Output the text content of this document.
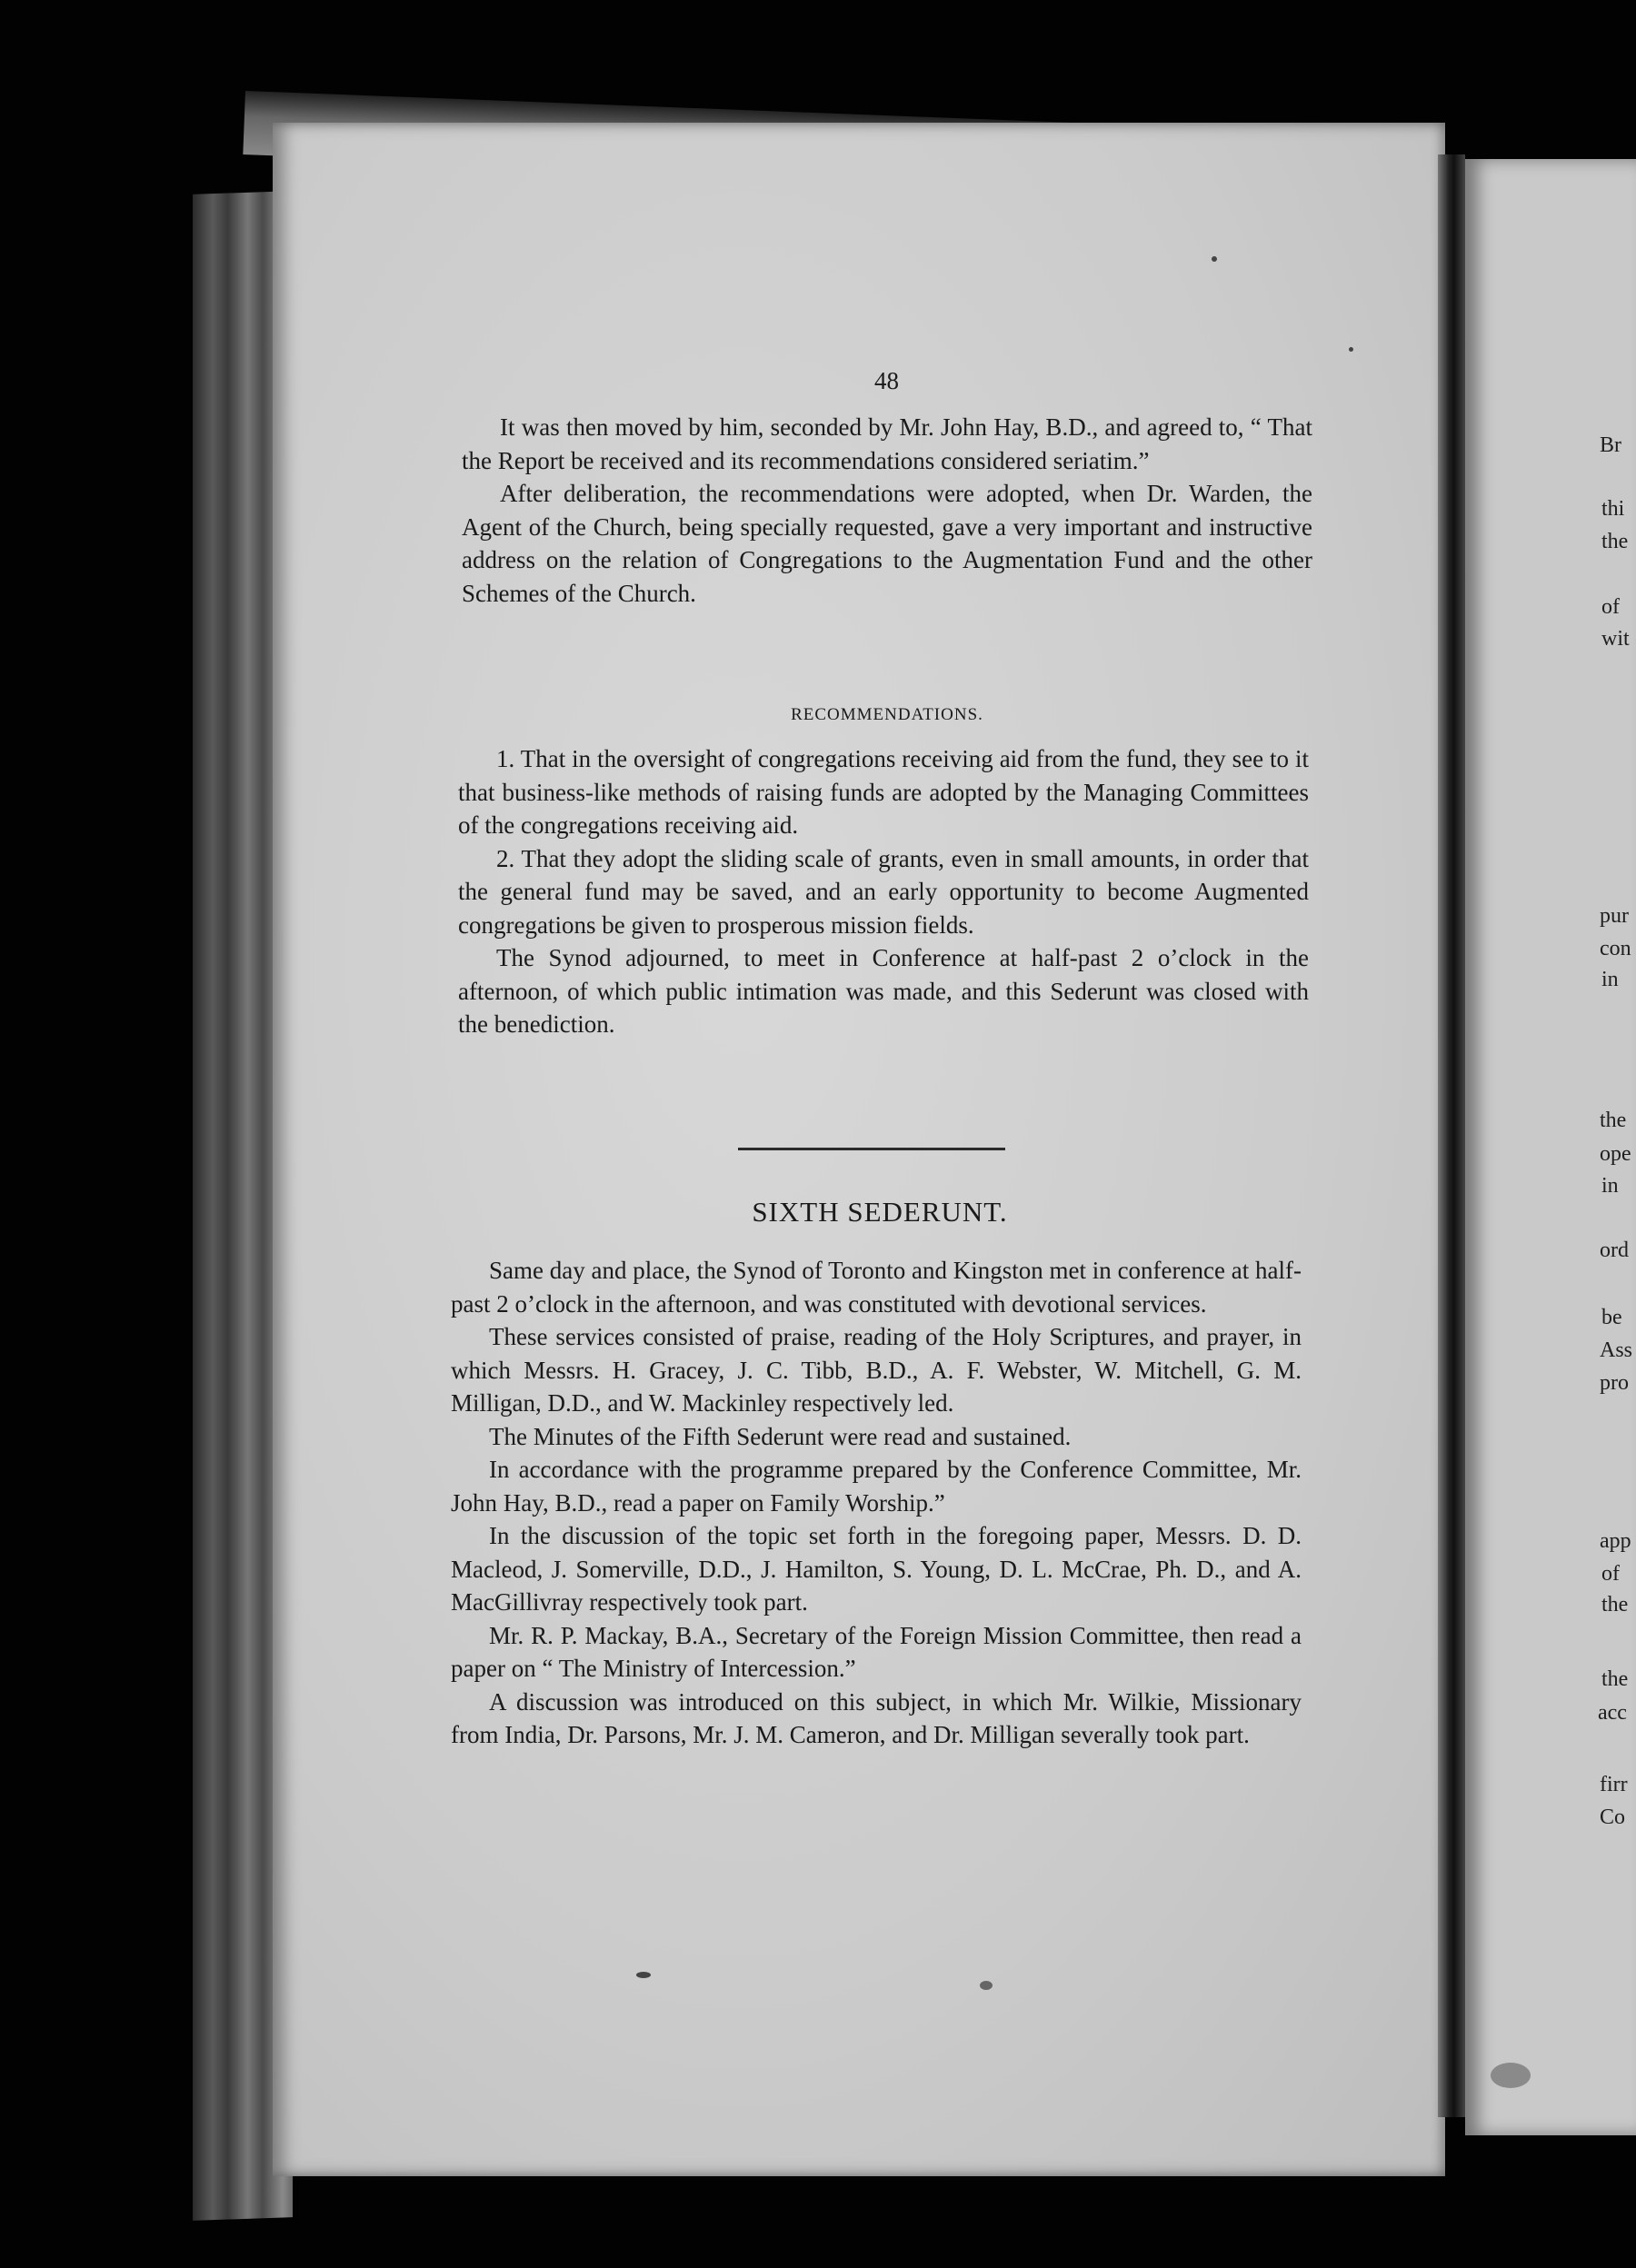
Br
thi
the
of
wit
pur
con
in
the
ope
in
ord
be
Ass
pro
app
of
the
the
acc
firr
Co
48

It was then moved by him, seconded by Mr. John Hay, B.D., and agreed to, “ That the Report be received and its recommendations considered seriatim.”

After deliberation, the recommendations were adopted, when Dr. Warden, the Agent of the Church, being specially requested, gave a very important and instructive address on the relation of Congregations to the Augmentation Fund and the other Schemes of the Church.

RECOMMENDATIONS.

1. That in the oversight of congregations receiving aid from the fund, they see to it that business-like methods of raising funds are adopted by the Managing Committees of the congregations receiving aid.

2. That they adopt the sliding scale of grants, even in small amounts, in order that the general fund may be saved, and an early opportunity to become Augmented congregations be given to prosperous mission fields.

The Synod adjourned, to meet in Conference at half-past 2 o’clock in the afternoon, of which public intimation was made, and this Sederunt was closed with the benediction.

SIXTH SEDERUNT.

Same day and place, the Synod of Toronto and Kingston met in conference at half-past 2 o’clock in the afternoon, and was constituted with devotional services.

These services consisted of praise, reading of the Holy Scriptures, and prayer, in which Messrs. H. Gracey, J. C. Tibb, B.D., A. F. Webster, W. Mitchell, G. M. Milligan, D.D., and W. Mackinley respectively led.

The Minutes of the Fifth Sederunt were read and sustained.

In accordance with the programme prepared by the Conference Committee, Mr. John Hay, B.D., read a paper on Family Worship.”

In the discussion of the topic set forth in the foregoing paper, Messrs. D. D. Macleod, J. Somerville, D.D., J. Hamilton, S. Young, D. L. McCrae, Ph. D., and A. MacGillivray respectively took part.

Mr. R. P. Mackay, B.A., Secretary of the Foreign Mission Committee, then read a paper on “ The Ministry of Intercession.”

A discussion was introduced on this subject, in which Mr. Wilkie, Missionary from India, Dr. Parsons, Mr. J. M. Cameron, and Dr. Milligan severally took part.
